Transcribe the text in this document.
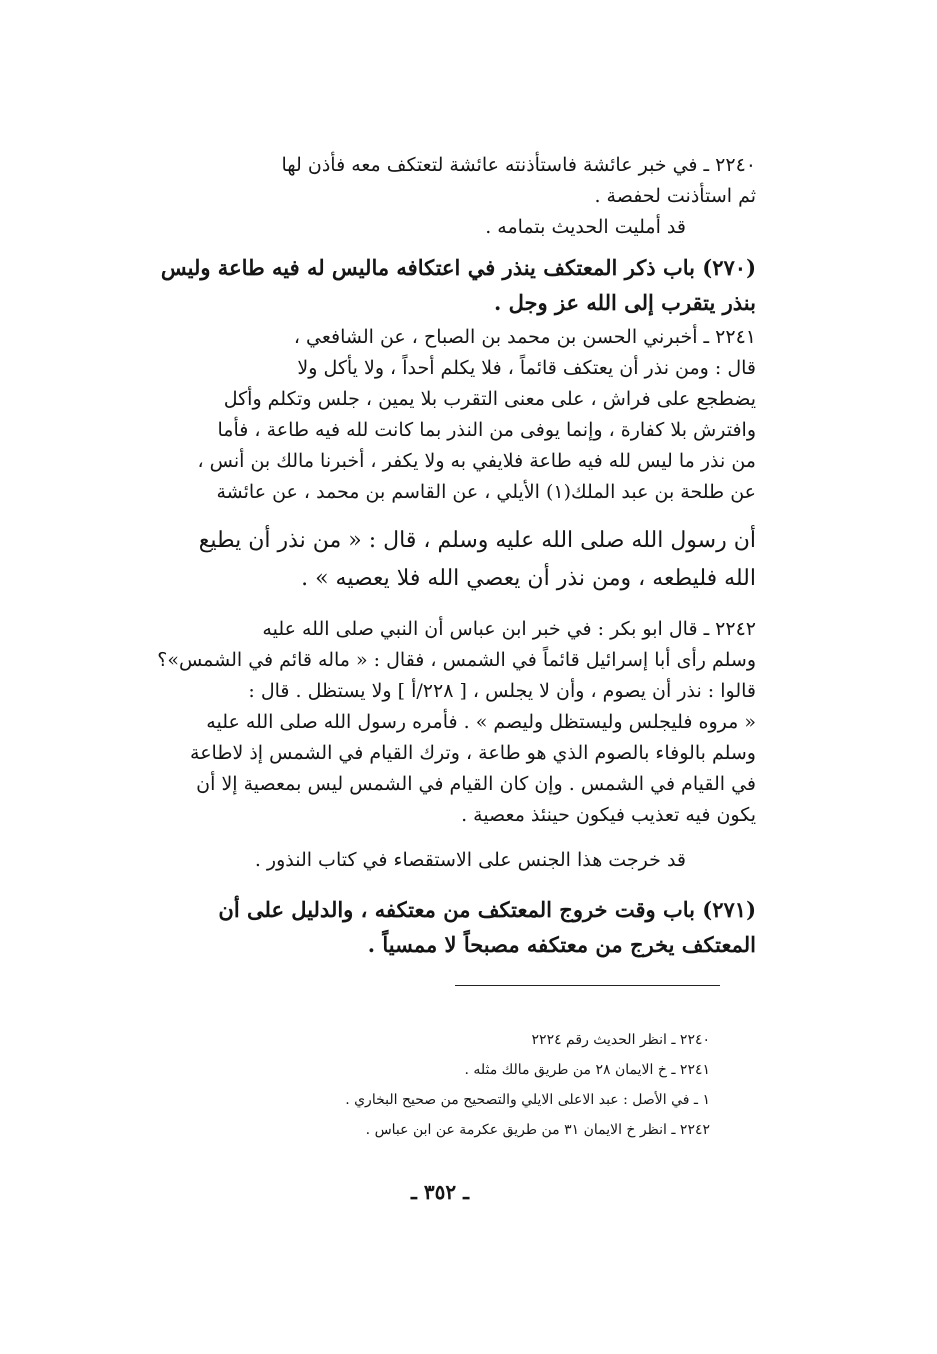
٢٢٤٠ ـ في خبر عائشة فاستأذنته عائشة لتعتكف معه فأذن لها
ثم استأذنت لحفصة .
قد أمليت الحديث بتمامه .
(٢٧٠) باب ذكر المعتكف ينذر في اعتكافه ماليس له فيه طاعة وليس
بنذر يتقرب إلى الله عز وجل .
٢٢٤١ ـ أخبرني الحسن بن محمد بن الصباح ، عن الشافعي ،
قال : ومن نذر أن يعتكف قائماً ، فلا يكلم أحداً ، ولا يأكل ولا
يضطجع على فراش ، على معنى التقرب بلا يمين ، جلس وتكلم وأكل
وافترش بلا كفارة ، وإنما يوفى من النذر بما كانت لله فيه طاعة ، فأما
من نذر ما ليس لله فيه طاعة فلايفي به ولا يكفر ، أخبرنا مالك بن أنس ،
عن طلحة بن عبد الملك(١) الأيلي ، عن القاسم بن محمد ، عن عائشة
أن رسول الله صلى الله عليه وسلم ، قال : « من نذر أن يطيع
الله فليطعه ، ومن نذر أن يعصي الله فلا يعصيه » .
٢٢٤٢ ـ قال ابو بكر : في خبر ابن عباس أن النبي صلى الله عليه
وسلم رأى أبا إسرائيل قائماً في الشمس ، فقال : « ماله قائم في الشمس»؟
قالوا : نذر أن يصوم ، وأن لا يجلس ، [ ٢٢٨/أ ] ولا يستظل . قال :
« مروه فليجلس وليستظل وليصم » . فأمره رسول الله صلى الله عليه
وسلم بالوفاء بالصوم الذي هو طاعة ، وترك القيام في الشمس إذ لاطاعة
في القيام في الشمس . وإن كان القيام في الشمس ليس بمعصية إلا أن
يكون فيه تعذيب فيكون حينئذ معصية .
قد خرجت هذا الجنس على الاستقصاء في كتاب النذور .
(٢٧١) باب وقت خروج المعتكف من معتكفه ، والدليل على أن
المعتكف يخرج من معتكفه مصبحاً لا ممسياً .
٢٢٤٠ ـ انظر الحديث رقم ٢٢٢٤
٢٢٤١ ـ خ الايمان ٢٨ من طريق مالك مثله .
١ ـ في الأصل : عبد الاعلى الايلي والتصحيح من صحيح البخاري .
٢٢٤٢ ـ انظر خ الايمان ٣١ من طريق عكرمة عن ابن عباس .
ـ ٣٥٢ ـ
